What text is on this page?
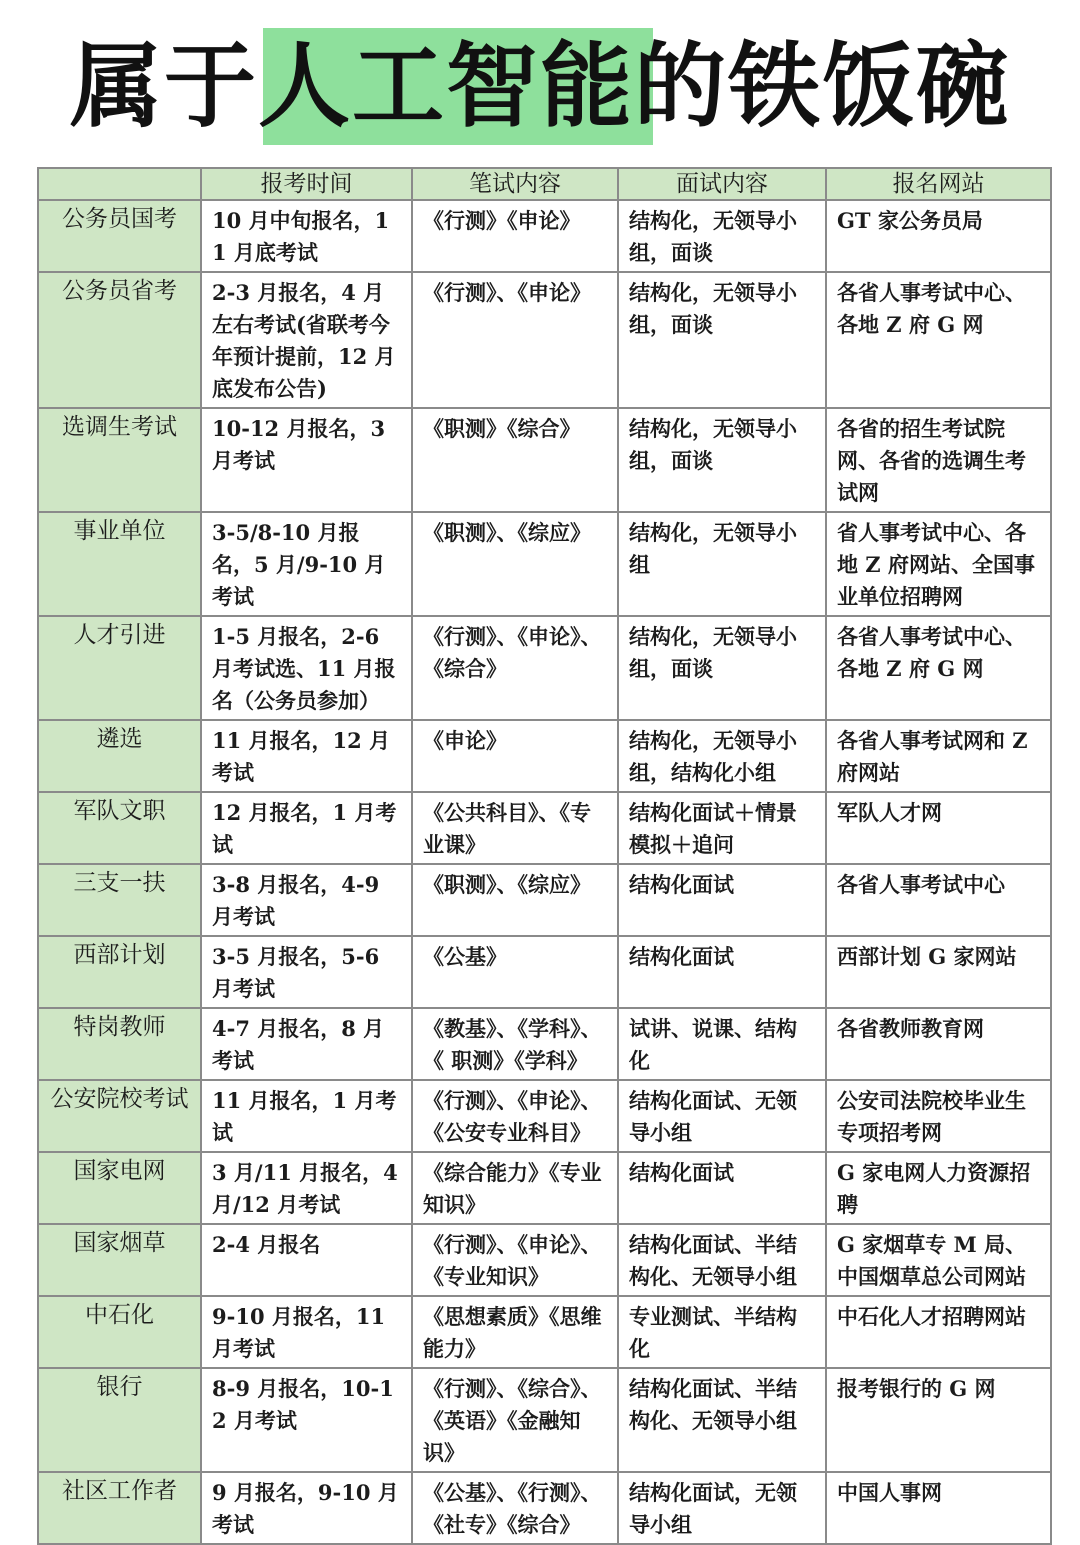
属于人工智能的铁饭碗
	报考时间	笔试内容	面试内容	报名网站
公务员国考	10 月中旬报名，11 月底考试	《行测》《申论》	结构化，无领导小组，面谈	GT 家公务员局
公务员省考	2-3 月报名，4 月左右考试(省联考今年预计提前，12 月底发布公告)	《行测》、《申论》	结构化，无领导小组，面谈	各省人事考试中心、各地 Z 府 G 网
选调生考试	10-12 月报名，3 月考试	《职测》《综合》	结构化，无领导小组，面谈	各省的招生考试院网、各省的选调生考试网
事业单位	3-5/8-10 月报名，5 月/9-10 月考试	《职测》、《综应》	结构化，无领导小组	省人事考试中心、各地 Z 府网站、全国事业单位招聘网
人才引进	1-5 月报名，2-6 月考试选、11 月报名（公务员参加）	《行测》、《申论》、《综合》	结构化，无领导小组，面谈	各省人事考试中心、各地 Z 府 G 网
遴选	11 月报名，12 月考试	《申论》	结构化，无领导小组，结构化小组	各省人事考试网和 Z 府网站
军队文职	12 月报名，1 月考试	《公共科目》、《专业课》	结构化面试＋情景模拟＋追问	军队人才网
三支一扶	3-8 月报名，4-9 月考试	《职测》、《综应》	结构化面试	各省人事考试中心
西部计划	3-5 月报名，5-6 月考试	《公基》	结构化面试	西部计划 G 家网站
特岗教师	4-7 月报名，8 月考试	《教基》、《学科》、《 职测》《学科》	试讲、说课、结构化	各省教师教育网
公安院校考试	11 月报名，1 月考试	《行测》、《申论》、《公安专业科目》	结构化面试、无领导小组	公安司法院校毕业生专项招考网
国家电网	3 月/11 月报名，4 月/12 月考试	《综合能力》《专业知识》	结构化面试	G 家电网人力资源招聘
国家烟草	2-4 月报名	《行测》、《申论》、《专业知识》	结构化面试、半结构化、无领导小组	G 家烟草专 M 局、中国烟草总公司网站
中石化	9-10 月报名，11 月考试	《思想素质》《思维能力》	专业测试、半结构化	中石化人才招聘网站
银行	8-9 月报名，10-12 月考试	《行测》、《综合》、《英语》《金融知识》	结构化面试、半结构化、无领导小组	报考银行的 G 网
社区工作者	9 月报名，9-10 月考试	《公基》、《行测》、《社专》《综合》	结构化面试，无领导小组	中国人事网
